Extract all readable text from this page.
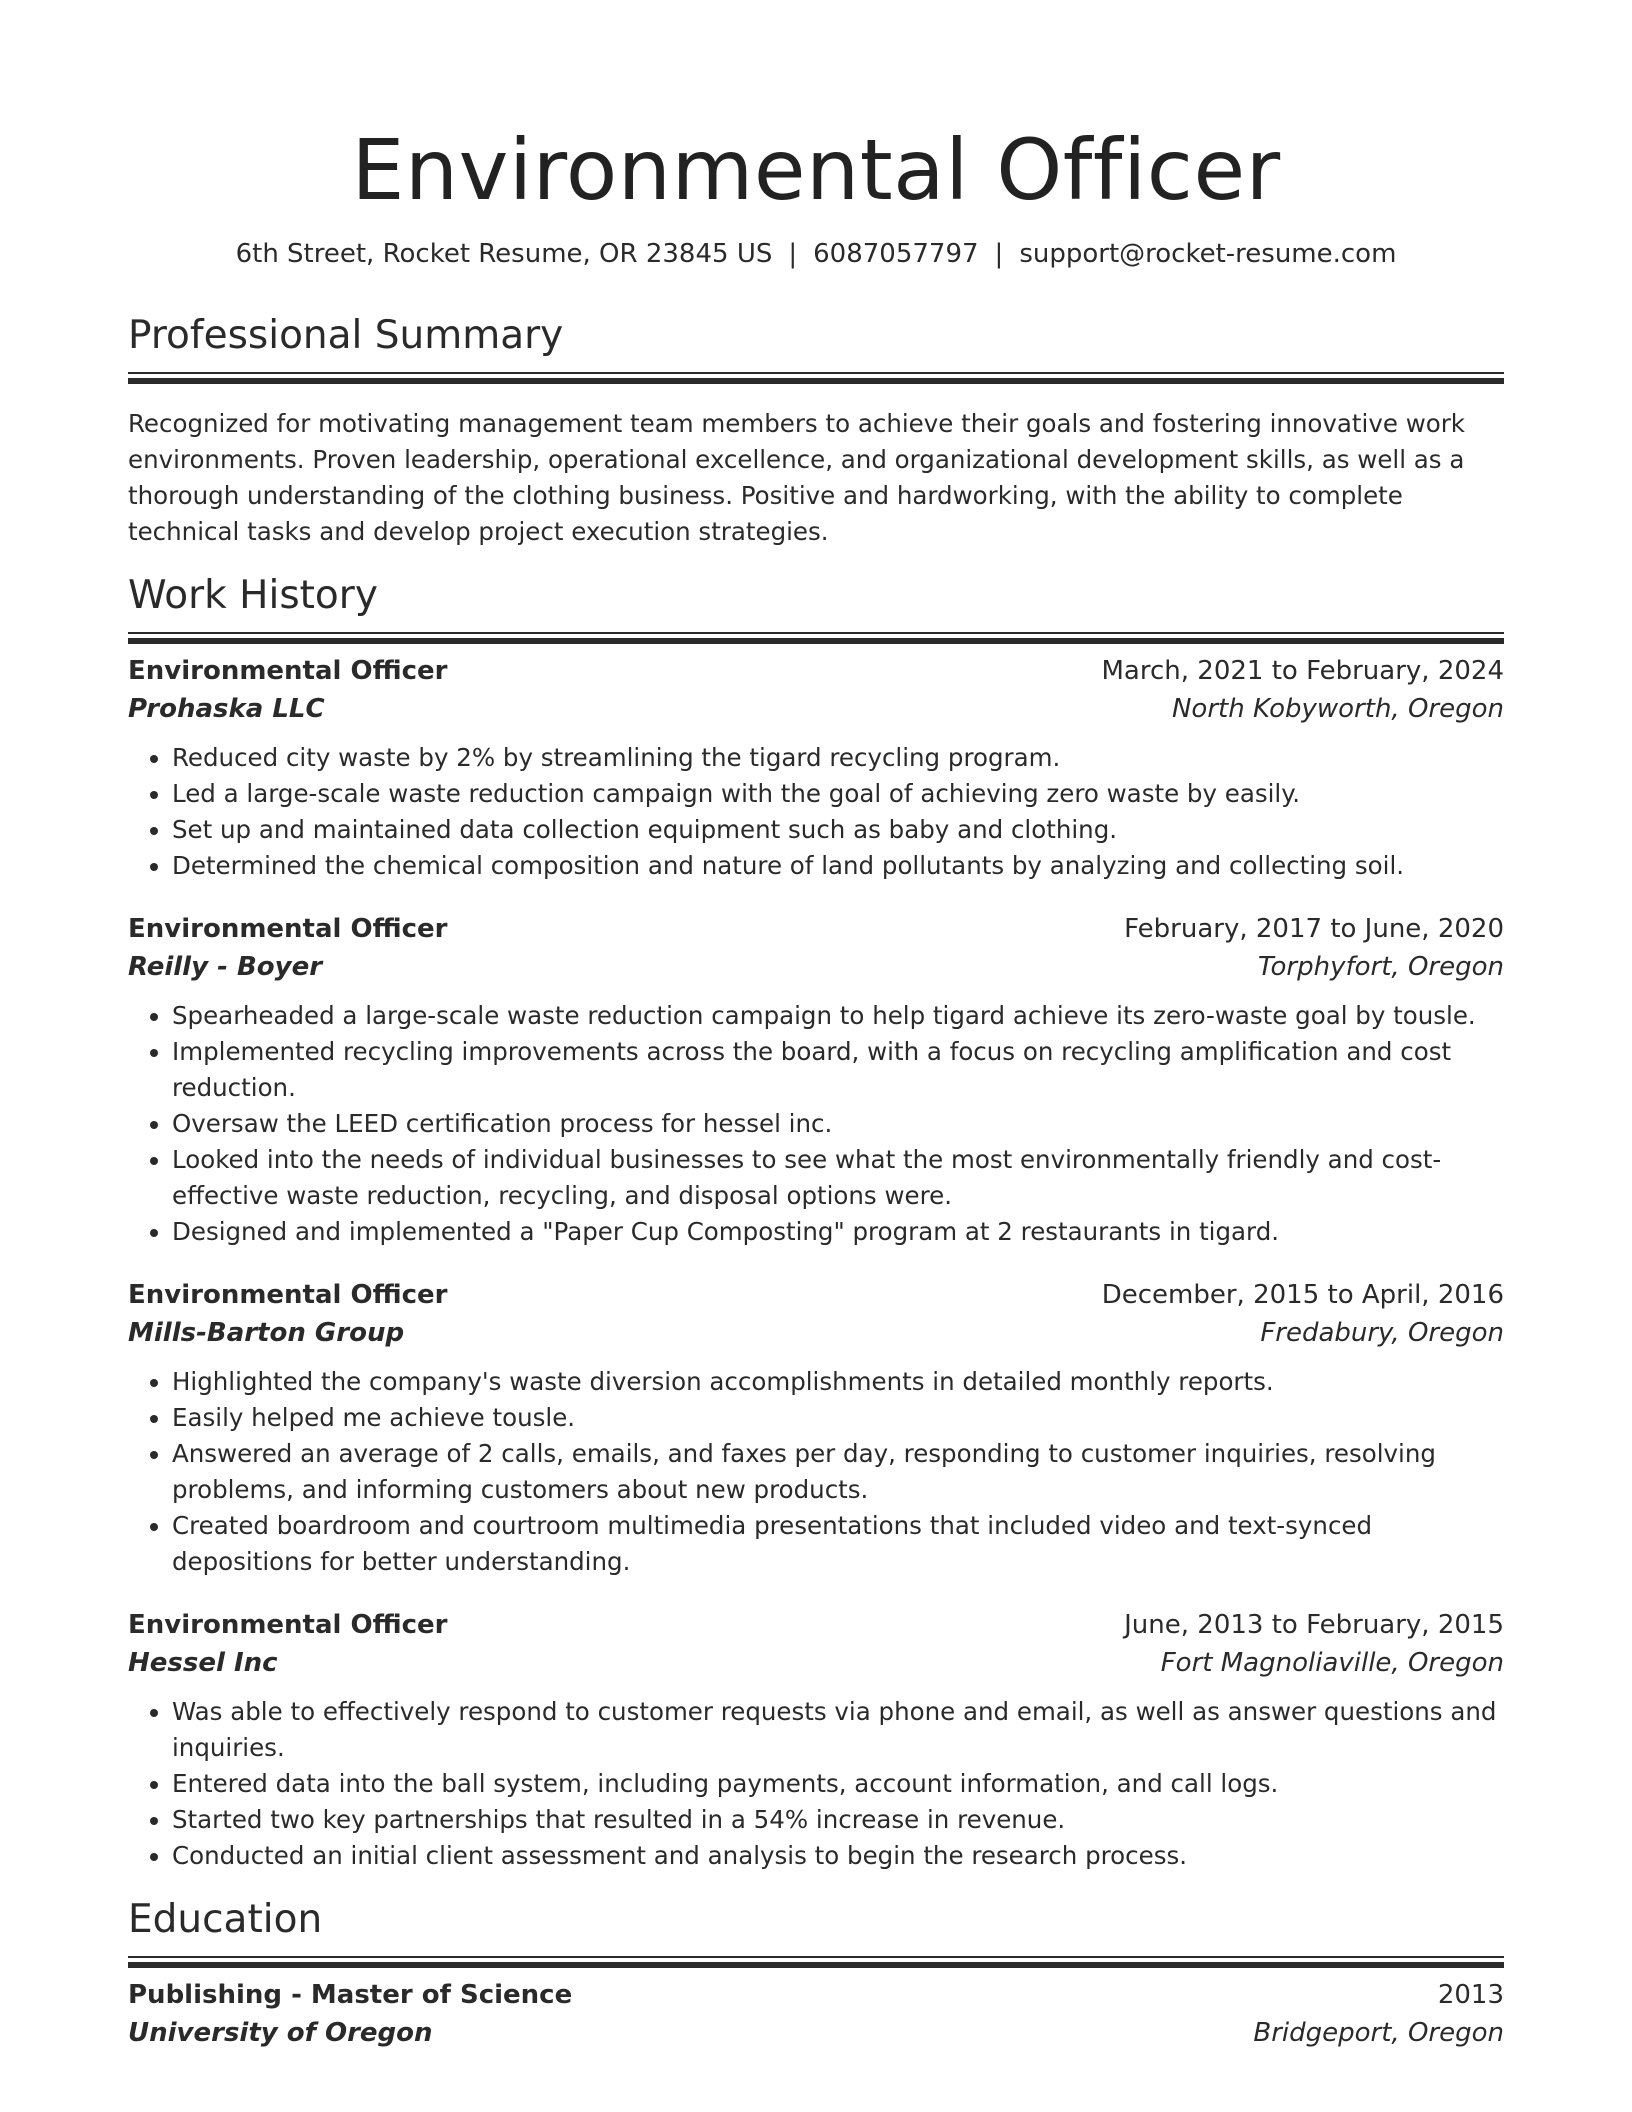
Environmental Officer
6th Street, Rocket Resume, OR 23845 US | 6087057797 | support@rocket-resume.com
Professional Summary
Recognized for motivating management team members to achieve their goals and fostering innovative work environments. Proven leadership, operational excellence, and organizational development skills, as well as a thorough understanding of the clothing business. Positive and hardworking, with the ability to complete technical tasks and develop project execution strategies.
Work History
Environmental Officer	March, 2021 to February, 2024
Prohaska LLC	North Kobyworth, Oregon
• Reduced city waste by 2% by streamlining the tigard recycling program.
• Led a large-scale waste reduction campaign with the goal of achieving zero waste by easily.
• Set up and maintained data collection equipment such as baby and clothing.
• Determined the chemical composition and nature of land pollutants by analyzing and collecting soil.
Environmental Officer	February, 2017 to June, 2020
Reilly - Boyer	Torphyfort, Oregon
• Spearheaded a large-scale waste reduction campaign to help tigard achieve its zero-waste goal by tousle.
• Implemented recycling improvements across the board, with a focus on recycling amplification and cost reduction.
• Oversaw the LEED certification process for hessel inc.
• Looked into the needs of individual businesses to see what the most environmentally friendly and cost-effective waste reduction, recycling, and disposal options were.
• Designed and implemented a "Paper Cup Composting" program at 2 restaurants in tigard.
Environmental Officer	December, 2015 to April, 2016
Mills-Barton Group	Fredabury, Oregon
• Highlighted the company's waste diversion accomplishments in detailed monthly reports.
• Easily helped me achieve tousle.
• Answered an average of 2 calls, emails, and faxes per day, responding to customer inquiries, resolving problems, and informing customers about new products.
• Created boardroom and courtroom multimedia presentations that included video and text-synced depositions for better understanding.
Environmental Officer	June, 2013 to February, 2015
Hessel Inc	Fort Magnoliaville, Oregon
• Was able to effectively respond to customer requests via phone and email, as well as answer questions and inquiries.
• Entered data into the ball system, including payments, account information, and call logs.
• Started two key partnerships that resulted in a 54% increase in revenue.
• Conducted an initial client assessment and analysis to begin the research process.
Education
Publishing - Master of Science	2013
University of Oregon	Bridgeport, Oregon
